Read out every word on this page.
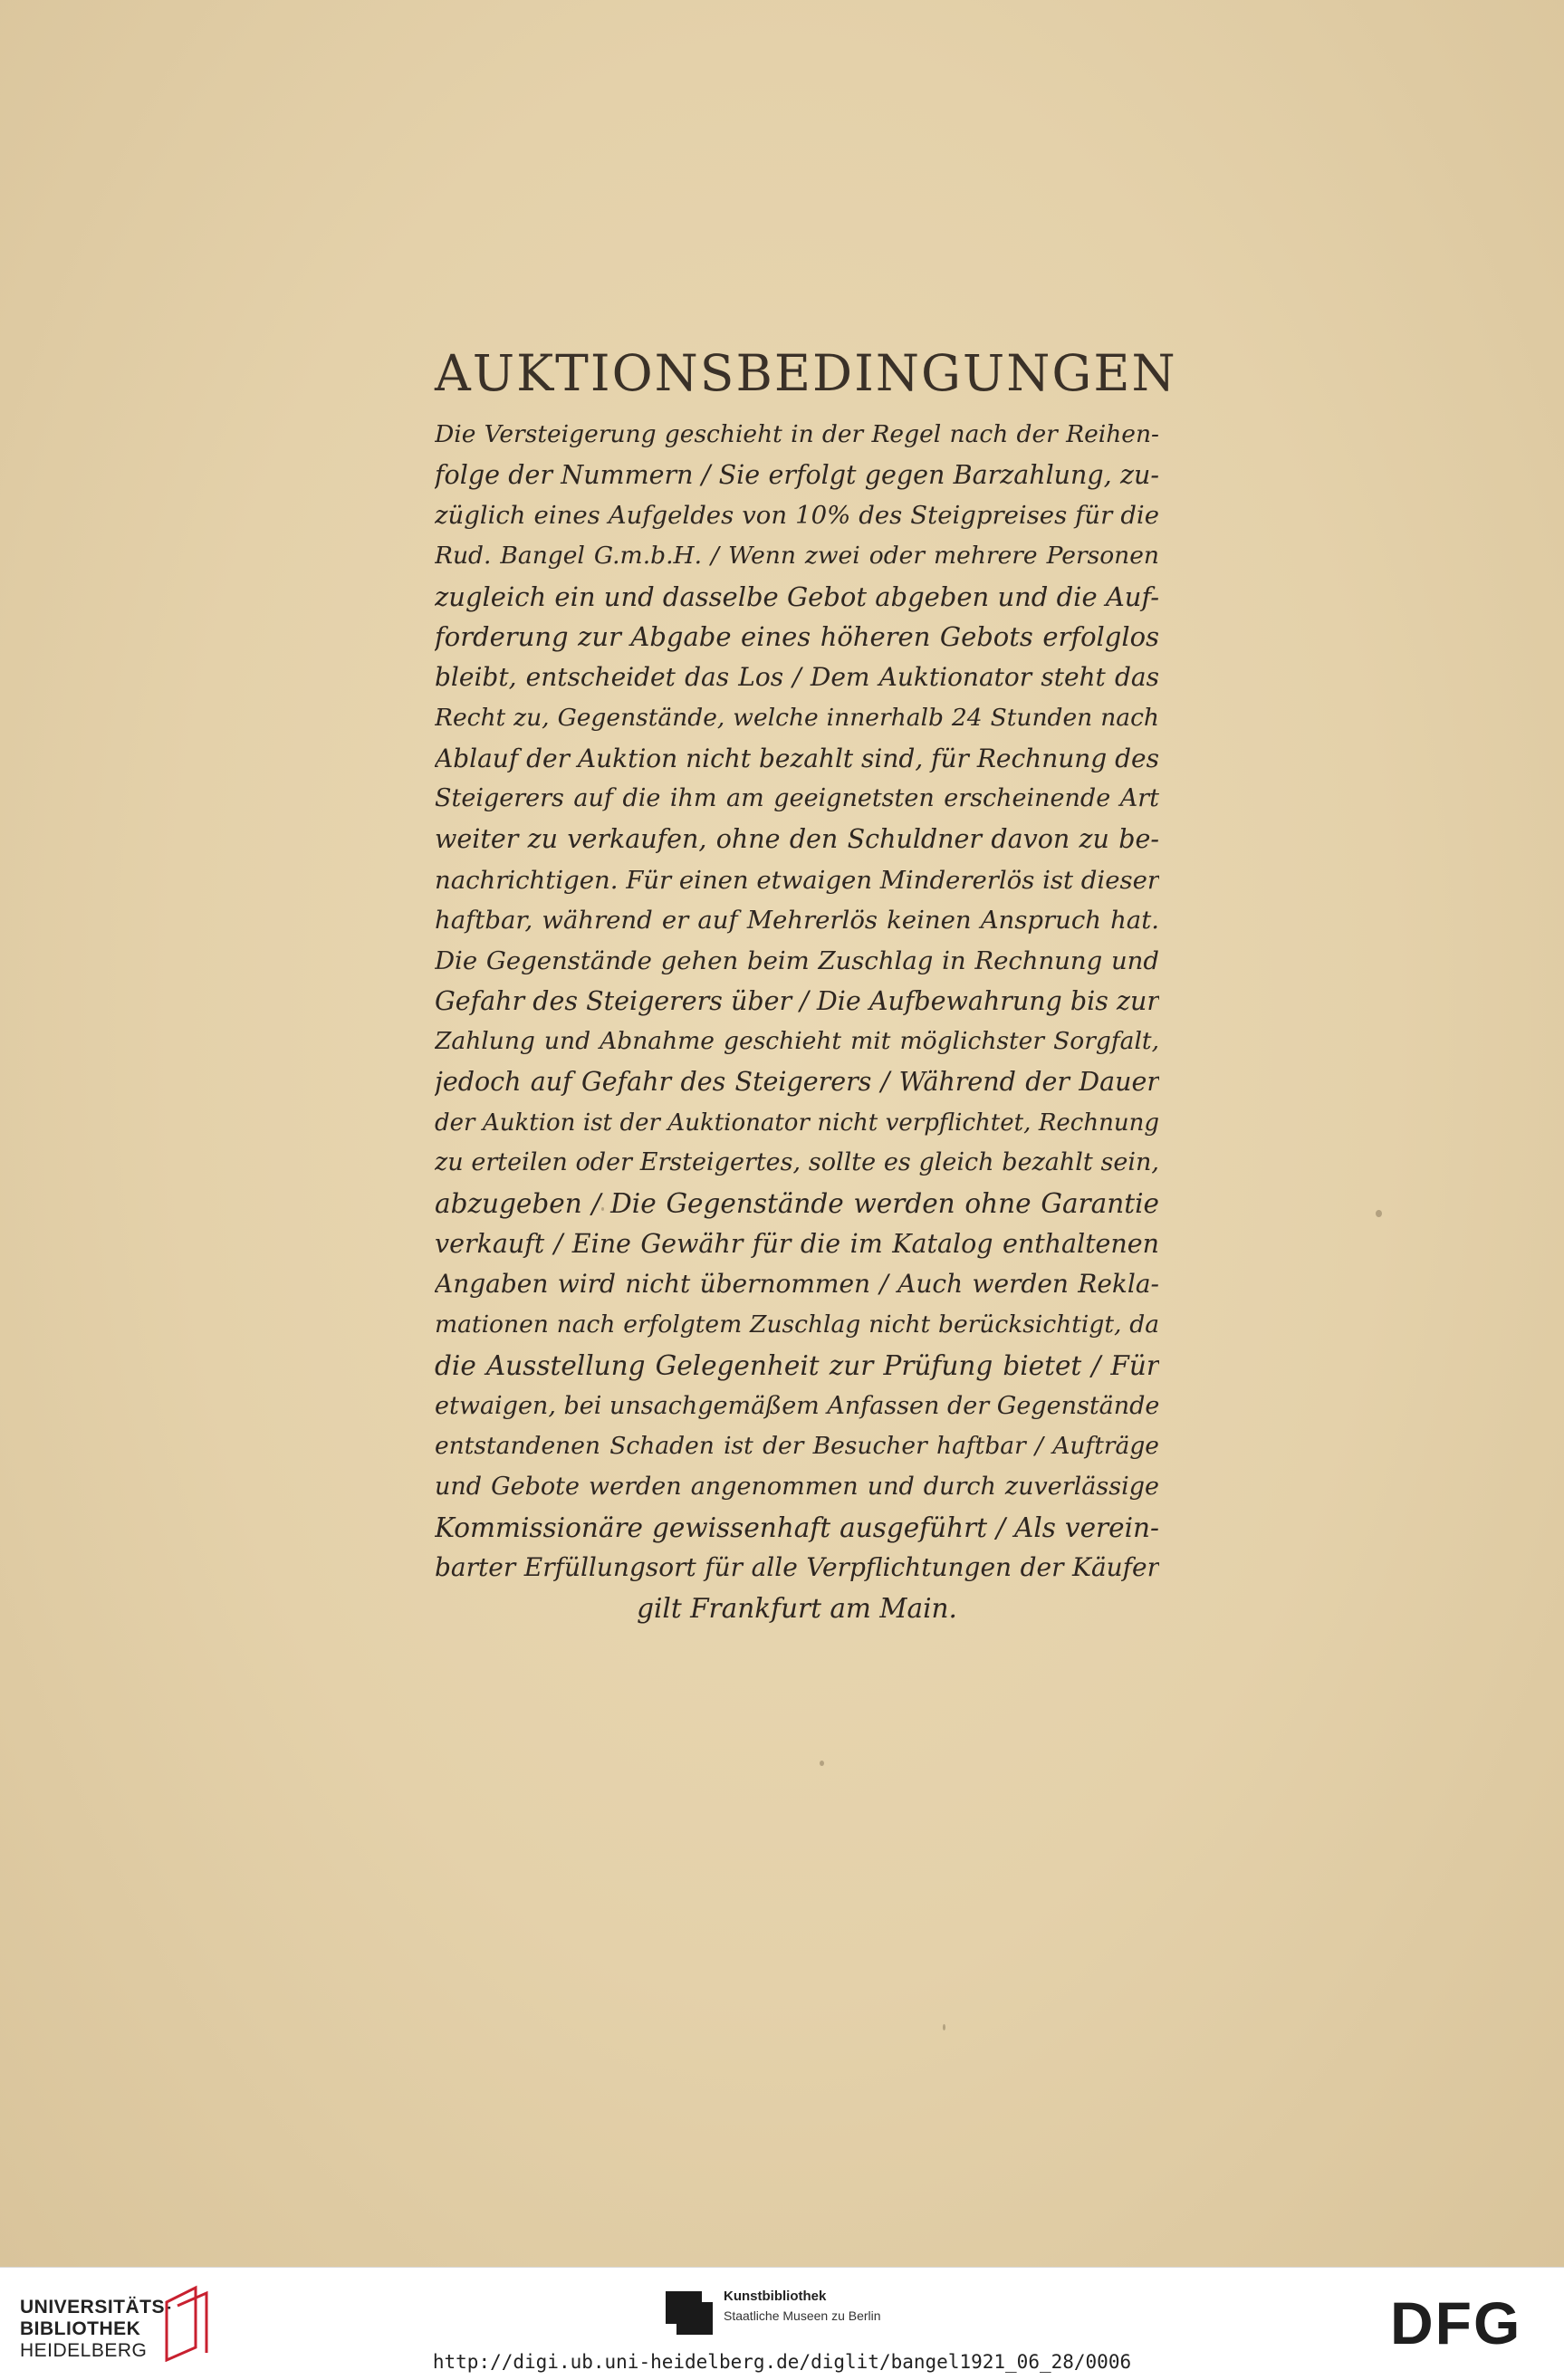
AUKTIONSBEDINGUNGEN
Die Versteigerung geschieht in der Regel nach der Reihen-
folge der Nummern / Sie erfolgt gegen Barzahlung, zu-
züglich eines Aufgeldes von 10% des Steigpreises für die
Rud. Bangel G.m.b.H. / Wenn zwei oder mehrere Personen
zugleich ein und dasselbe Gebot abgeben und die Auf-
forderung zur Abgabe eines höheren Gebots erfolglos
bleibt, entscheidet das Los / Dem Auktionator steht das
Recht zu, Gegenstände, welche innerhalb 24 Stunden nach
Ablauf der Auktion nicht bezahlt sind, für Rechnung des
Steigerers auf die ihm am geeignetsten erscheinende Art
weiter zu verkaufen, ohne den Schuldner davon zu be-
nachrichtigen. Für einen etwaigen Mindererlös ist dieser
haftbar, während er auf Mehrerlös keinen Anspruch hat.
Die Gegenstände gehen beim Zuschlag in Rechnung und
Gefahr des Steigerers über / Die Aufbewahrung bis zur
Zahlung und Abnahme geschieht mit möglichster Sorgfalt,
jedoch auf Gefahr des Steigerers / Während der Dauer
der Auktion ist der Auktionator nicht verpflichtet, Rechnung
zu erteilen oder Ersteigertes, sollte es gleich bezahlt sein,
abzugeben / Die Gegenstände werden ohne Garantie
verkauft / Eine Gewähr für die im Katalog enthaltenen
Angaben wird nicht übernommen / Auch werden Rekla-
mationen nach erfolgtem Zuschlag nicht berücksichtigt, da
die Ausstellung Gelegenheit zur Prüfung bietet / Für
etwaigen, bei unsachgemäßem Anfassen der Gegenstände
entstandenen Schaden ist der Besucher haftbar / Aufträge
und Gebote werden angenommen und durch zuverlässige
Kommissionäre gewissenhaft ausgeführt / Als verein-
barter Erfüllungsort für alle Verpflichtungen der Käufer
gilt Frankfurt am Main.
UNIVERSITÄTS-
BIBLIOTHEK
HEIDELBERG
Kunstbibliothek
Staatliche Museen zu Berlin
http://digi.ub.uni-heidelberg.de/diglit/bangel1921_06_28/0006
DFG
